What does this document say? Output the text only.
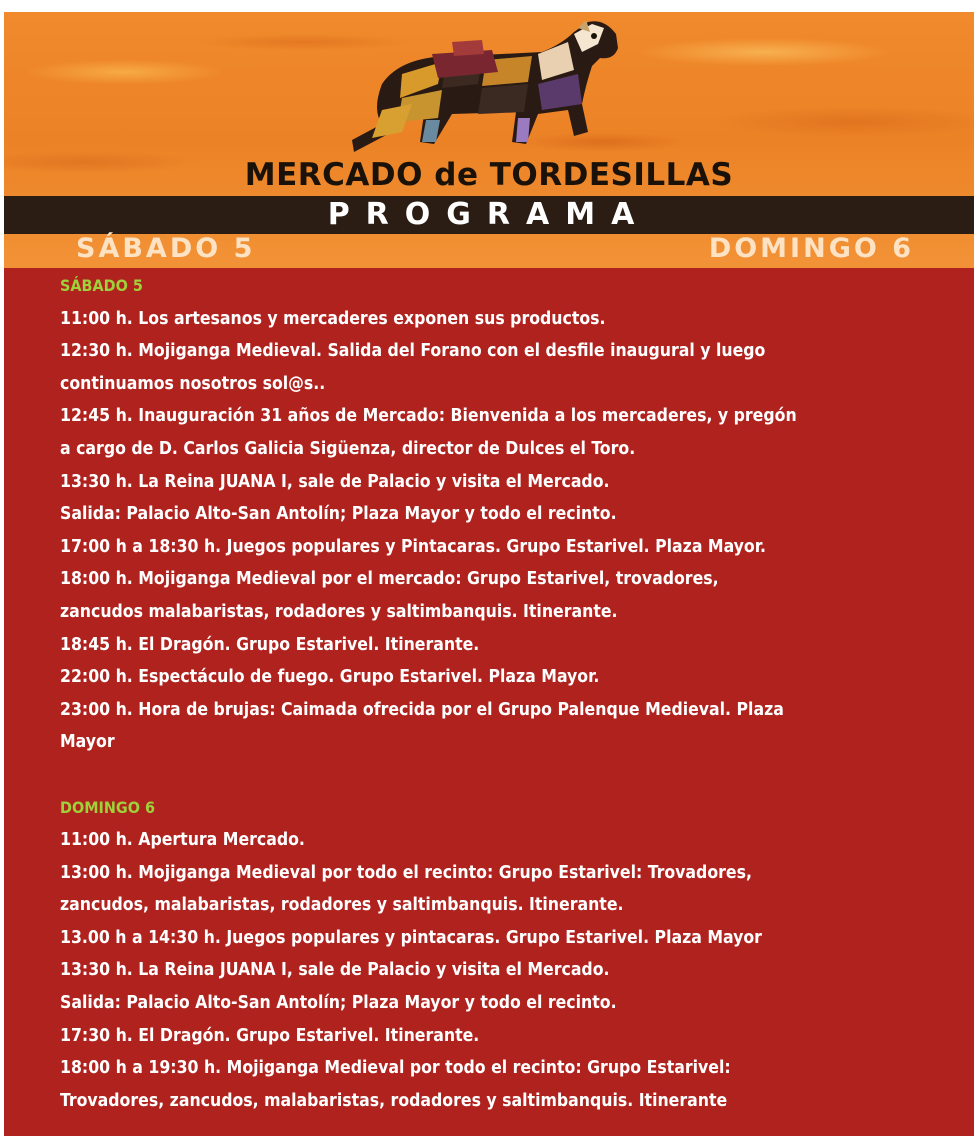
MERCADO de TORDESILLAS
PROGRAMA
SÁBADO 5	DOMINGO 6
SÁBADO 5
11:00 h. Los artesanos y mercaderes exponen sus productos.
12:30 h. Mojiganga Medieval. Salida del Forano con el desfile inaugural y luego
continuamos nosotros sol@s..
12:45 h. Inauguración 31 años de Mercado: Bienvenida a los mercaderes, y pregón
a cargo de D. Carlos Galicia Sigüenza, director de Dulces el Toro.
13:30 h. La Reina JUANA I, sale de Palacio y visita el Mercado.
Salida: Palacio Alto-San Antolín; Plaza Mayor y todo el recinto.
17:00 h a 18:30 h. Juegos populares y Pintacaras. Grupo Estarivel. Plaza Mayor.
18:00 h. Mojiganga Medieval por el mercado: Grupo Estarivel, trovadores,
zancudos malabaristas, rodadores y saltimbanquis. Itinerante.
18:45 h. El Dragón. Grupo Estarivel. Itinerante.
22:00 h. Espectáculo de fuego. Grupo Estarivel. Plaza Mayor.
23:00 h. Hora de brujas: Caimada ofrecida por el Grupo Palenque Medieval. Plaza
Mayor
DOMINGO 6
11:00 h. Apertura Mercado.
13:00 h. Mojiganga Medieval por todo el recinto: Grupo Estarivel: Trovadores,
zancudos, malabaristas, rodadores y saltimbanquis. Itinerante.
13.00 h a 14:30 h. Juegos populares y pintacaras. Grupo Estarivel. Plaza Mayor
13:30 h. La Reina JUANA I, sale de Palacio y visita el Mercado.
Salida: Palacio Alto-San Antolín; Plaza Mayor y todo el recinto.
17:30 h. El Dragón. Grupo Estarivel. Itinerante.
18:00 h a 19:30 h. Mojiganga Medieval por todo el recinto: Grupo Estarivel:
Trovadores, zancudos, malabaristas, rodadores y saltimbanquis. Itinerante
